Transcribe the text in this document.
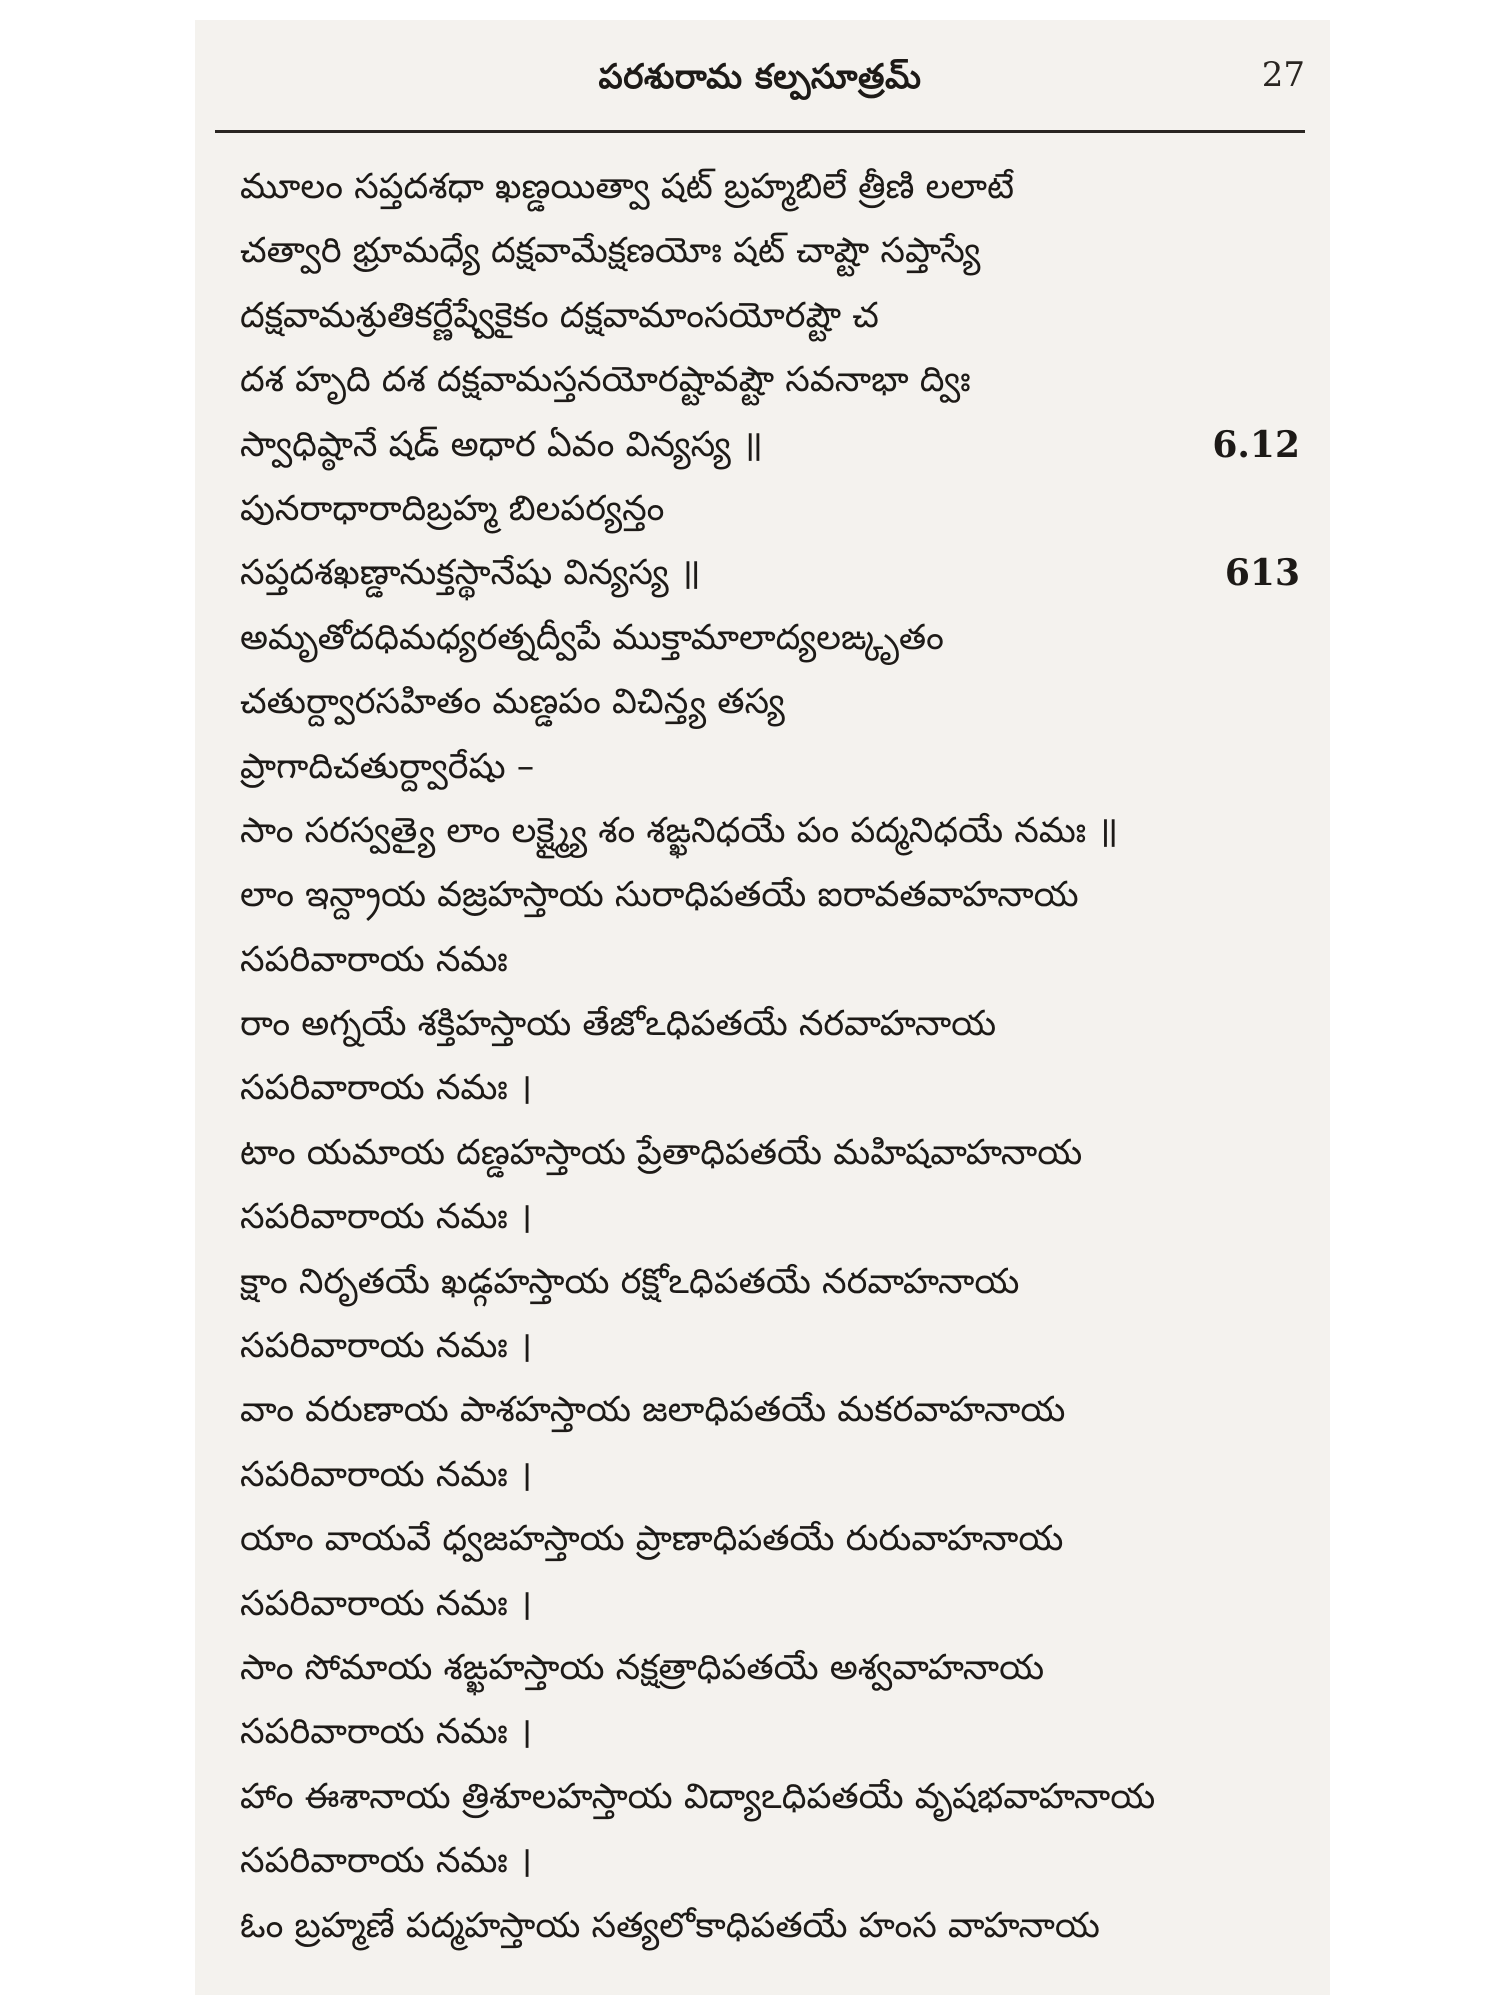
పరశురామ కల్పసూత్రమ్	27
మూలం సప్తదశధా ఖణ్డయిత్వా షట్ బ్రహ్మబిలే త్రీణి లలాటే
చత్వారి భ్రూమధ్యే దక్షవామేక్షణయోః షట్ చాష్టౌ సప్తాస్యే
దక్షవామశ్రుతికర్ణేష్వేకైకం దక్షవామాంసయోరష్టౌ చ
దశ హృది దశ దక్షవామస్తనయోరష్టావష్టౌ సవనాభా ద్విః
స్వాధిష్ఠానే షడ్ అధార ఏవం విన్యస్య ॥	6.12
పునరాధారాదిబ్రహ్మ బిలపర్యన్తం
సప్తదశఖణ్డానుక్తస్థానేషు విన్యస్య ॥	613
అమృతోదధిమధ్యరత్నద్వీపే ముక్తామాలాద్యలఙ్కృతం
చతుర్ద్వారసహితం మణ్డపం విచిన్త్య తస్య
ప్రాగాదిచతుర్ద్వారేషు –
సాం సరస్వత్యై లాం లక్ష్మ్యై శం శఙ్ఖనిధయే పం పద్మనిధయే నమః ॥
లాం ఇన్ద్రాయ వజ్రహస్తాయ సురాధిపతయే ఐరావతవాహనాయ
సపరివారాయ నమః
రాం అగ్నయే శక్తిహస్తాయ తేజోఽధిపతయే నరవాహనాయ
సపరివారాయ నమః ।
టాం యమాయ దణ్డహస్తాయ ప్రేతాధిపతయే మహిషవాహనాయ
సపరివారాయ నమః ।
క్షాం నిరృతయే ఖడ్గహస్తాయ రక్షోఽధిపతయే నరవాహనాయ
సపరివారాయ నమః ।
వాం వరుణాయ పాశహస్తాయ జలాధిపతయే మకరవాహనాయ
సపరివారాయ నమః ।
యాం వాయవే ధ్వజహస్తాయ ప్రాణాధిపతయే రురువాహనాయ
సపరివారాయ నమః ।
సాం సోమాయ శఙ్ఖహస్తాయ నక్షత్రాధిపతయే అశ్వవాహనాయ
సపరివారాయ నమః ।
హాం ఈశానాయ త్రిశూలహస్తాయ విద్యాఽధిపతయే వృషభవాహనాయ
సపరివారాయ నమః ।
ఓం బ్రహ్మణే పద్మహస్తాయ సత్యలోకాధిపతయే హంస వాహనాయ
